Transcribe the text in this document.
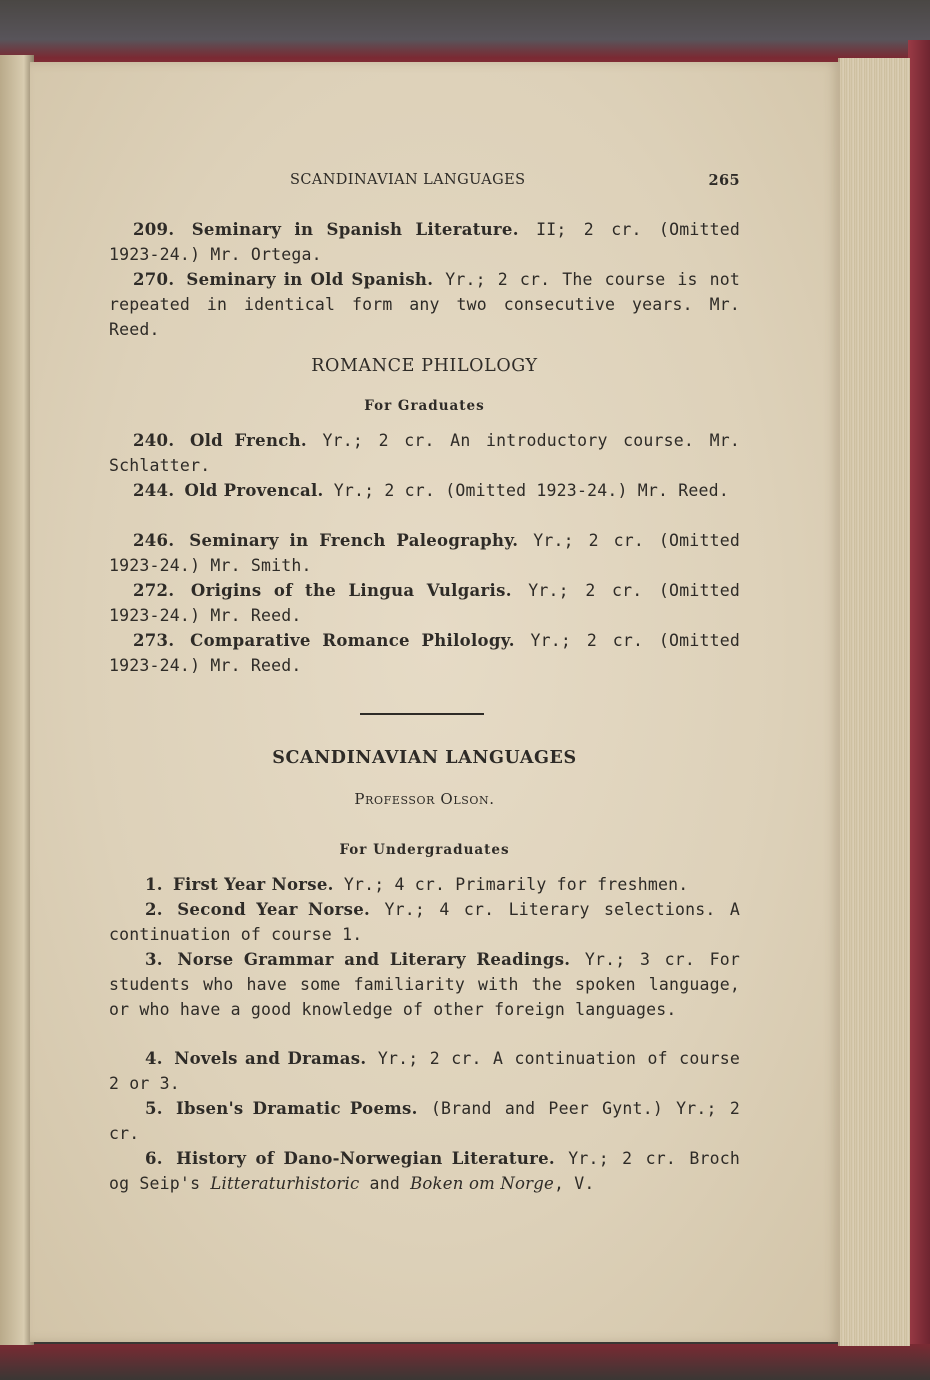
SCANDINAVIAN LANGUAGES	265

209. Seminary in Spanish Literature. II; 2 cr. (Omitted 1923-24.) Mr. Ortega.

270. Seminary in Old Spanish. Yr.; 2 cr. The course is not repeated in identical form any two consecutive years. Mr. Reed.

ROMANCE PHILOLOGY
For Graduates

240. Old French. Yr.; 2 cr. An introductory course. Mr. Schlatter.

244. Old Provencal. Yr.; 2 cr. (Omitted 1923-24.) Mr. Reed.

246. Seminary in French Paleography. Yr.; 2 cr. (Omitted 1923-24.) Mr. Smith.

272. Origins of the Lingua Vulgaris. Yr.; 2 cr. (Omitted 1923-24.) Mr. Reed.

273. Comparative Romance Philology. Yr.; 2 cr. (Omitted 1923-24.) Mr. Reed.

SCANDINAVIAN LANGUAGES
Professor Olson.
For Undergraduates

1. First Year Norse. Yr.; 4 cr. Primarily for freshmen.

2. Second Year Norse. Yr.; 4 cr. Literary selections. A continuation of course 1.

3. Norse Grammar and Literary Readings. Yr.; 3 cr. For students who have some familiarity with the spoken language, or who have a good knowledge of other foreign languages.

4. Novels and Dramas. Yr.; 2 cr. A continuation of course 2 or 3.

5. Ibsen's Dramatic Poems. (Brand and Peer Gynt.) Yr.; 2 cr.

6. History of Dano-Norwegian Literature. Yr.; 2 cr. Broch og Seip's Litteraturhistoric and Boken om Norge, V.
